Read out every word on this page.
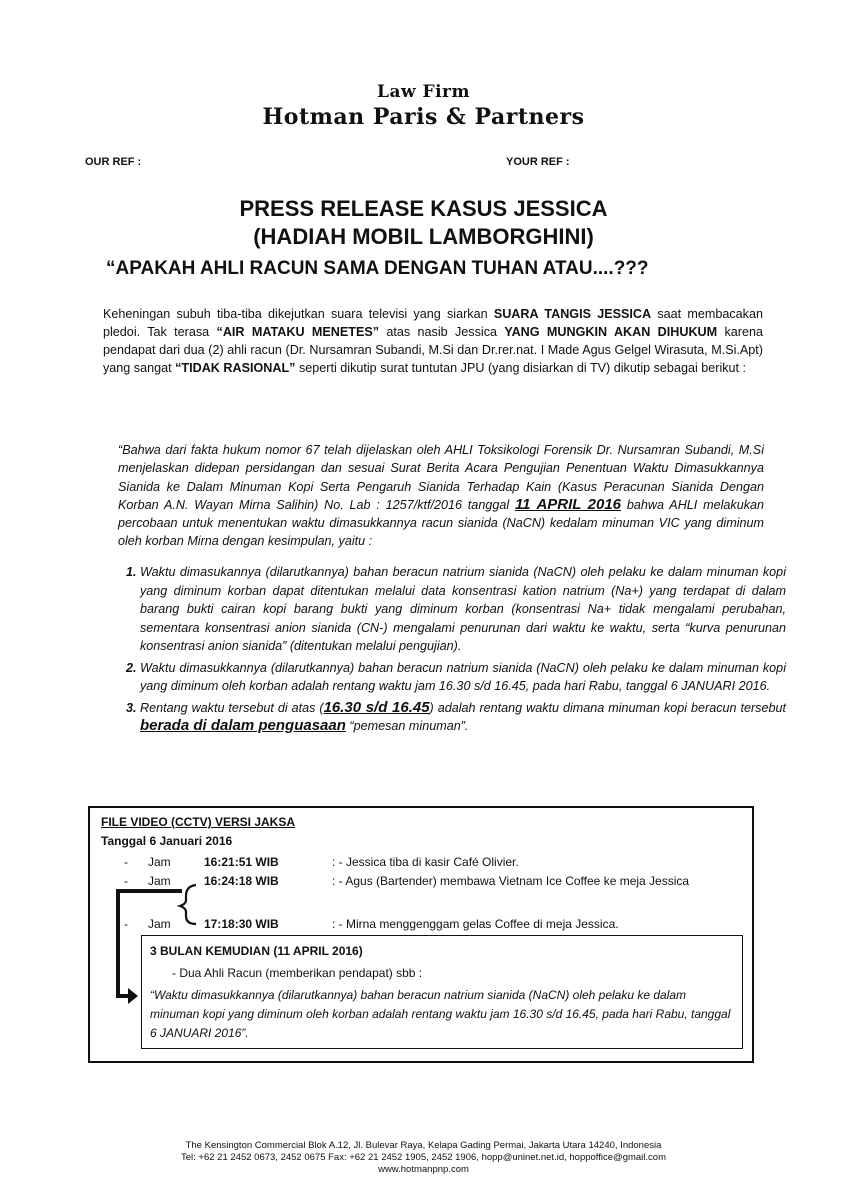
Law Firm
Hotman Paris & Partners
OUR REF :	YOUR REF :
PRESS RELEASE KASUS JESSICA
(HADIAH MOBIL LAMBORGHINI)
“APAKAH AHLI RACUN SAMA DENGAN TUHAN ATAU....???
Keheningan subuh tiba-tiba dikejutkan suara televisi yang siarkan SUARA TANGIS JESSICA saat membacakan pledoi. Tak terasa “AIR MATAKU MENETES” atas nasib Jessica YANG MUNGKIN AKAN DIHUKUM karena pendapat dari dua (2) ahli racun (Dr. Nursamran Subandi, M.Si dan Dr.rer.nat. I Made Agus Gelgel Wirasuta, M.Si.Apt) yang sangat “TIDAK RASIONAL” seperti dikutip surat tuntutan JPU (yang disiarkan di TV) dikutip sebagai berikut :
“Bahwa dari fakta hukum nomor 67 telah dijelaskan oleh AHLI Toksikologi Forensik Dr. Nursamran Subandi, M.Si menjelaskan didepan persidangan dan sesuai Surat Berita Acara Pengujian Penentuan Waktu Dimasukkannya Sianida ke Dalam Minuman Kopi Serta Pengaruh Sianida Terhadap Kain (Kasus Peracunan Sianida Dengan Korban A.N. Wayan Mirna Salihin) No. Lab : 1257/ktf/2016 tanggal 11 APRIL 2016 bahwa AHLI melakukan percobaan untuk menentukan waktu dimasukkannya racun sianida (NaCN) kedalam minuman VIC yang diminum oleh korban Mirna dengan kesimpulan, yaitu :
1. Waktu dimasukannya (dilarutkannya) bahan beracun natrium sianida (NaCN) oleh pelaku ke dalam minuman kopi yang diminum korban dapat ditentukan melalui data konsentrasi kation natrium (Na+) yang terdapat di dalam barang bukti cairan kopi barang bukti yang diminum korban (konsentrasi Na+ tidak mengalami perubahan, sementara konsentrasi anion sianida (CN-) mengalami penurunan dari waktu ke waktu, serta “kurva penurunan konsentrasi anion sianida” (ditentukan melalui pengujian).
2. Waktu dimasukkannya (dilarutkannya) bahan beracun natrium sianida (NaCN) oleh pelaku ke dalam minuman kopi yang diminum oleh korban adalah rentang waktu jam 16.30 s/d 16.45, pada hari Rabu, tanggal 6 JANUARI 2016.
3. Rentang waktu tersebut di atas (16.30 s/d 16.45) adalah rentang waktu dimana minuman kopi beracun tersebut berada di dalam penguasaan “pemesan minuman”.
FILE VIDEO (CCTV) VERSI JAKSA
Tanggal 6 Januari 2016
- Jam	16:21:51 WIB	: - Jessica tiba di kasir Café Olivier.
- Jam	16:24:18 WIB	: - Agus (Bartender) membawa Vietnam Ice Coffee ke meja Jessica
- Jam	17:18:30 WIB	: - Mirna menggenggam gelas Coffee di meja Jessica.
3 BULAN KEMUDIAN (11 APRIL 2016)
- Dua Ahli Racun (memberikan pendapat) sbb :
“Waktu dimasukkannya (dilarutkannya) bahan beracun natrium sianida (NaCN) oleh pelaku ke dalam minuman kopi yang diminum oleh korban adalah rentang waktu jam 16.30 s/d 16.45, pada hari Rabu, tanggal 6 JANUARI 2016”.
The Kensington Commercial Blok A.12, Jl. Bulevar Raya, Kelapa Gading Permai, Jakarta Utara 14240, Indonesia
Tel: +62 21 2452 0673, 2452 0675 Fax: +62 21 2452 1905, 2452 1906, hopp@uninet.net.id, hoppoffice@gmail.com
www.hotmanpnp.com
